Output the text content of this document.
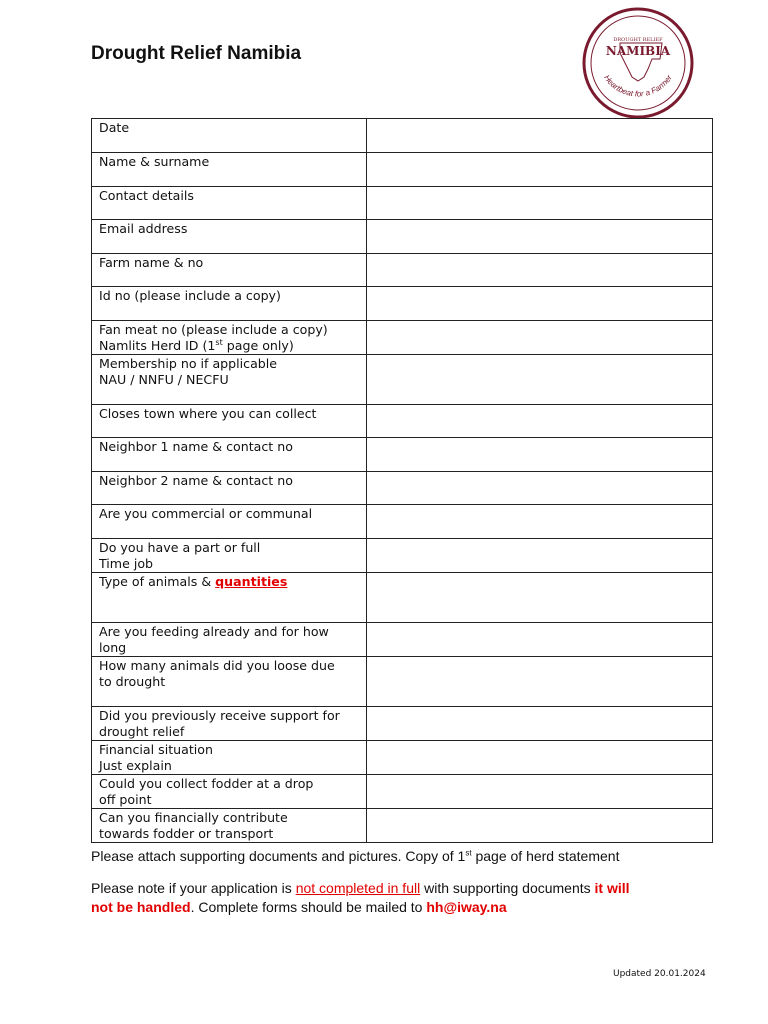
Drought Relief Namibia
DROUGHT RELIEF
NAMIBIA
Heartbeat for a Farmer
Date	

Name & surname	

Contact details	

Email address	

Farm name & no	

Id no (please include a copy)	

Fan meat no (please include a copy)
Namlits Herd ID (1st page only)	

Membership no if applicable
NAU / NNFU / NECFU	

Closes town where you can collect	

Neighbor 1 name & contact no	

Neighbor 2 name & contact no	

Are you commercial or communal	

Do you have a part or full
Time job	

Type of animals & quantities	

Are you feeding already and for how
long	

How many animals did you loose due
to drought	

Did you previously receive support for
drought relief	

Financial situation
Just explain	

Could you collect fodder at a drop
off point	

Can you financially contribute
towards fodder or transport	

Please attach supporting documents and pictures. Copy of 1st page of herd statement
Please note if your application is not completed in full with supporting documents it will
not be handled. Complete forms should be mailed to hh@iway.na
Updated 20.01.2024
